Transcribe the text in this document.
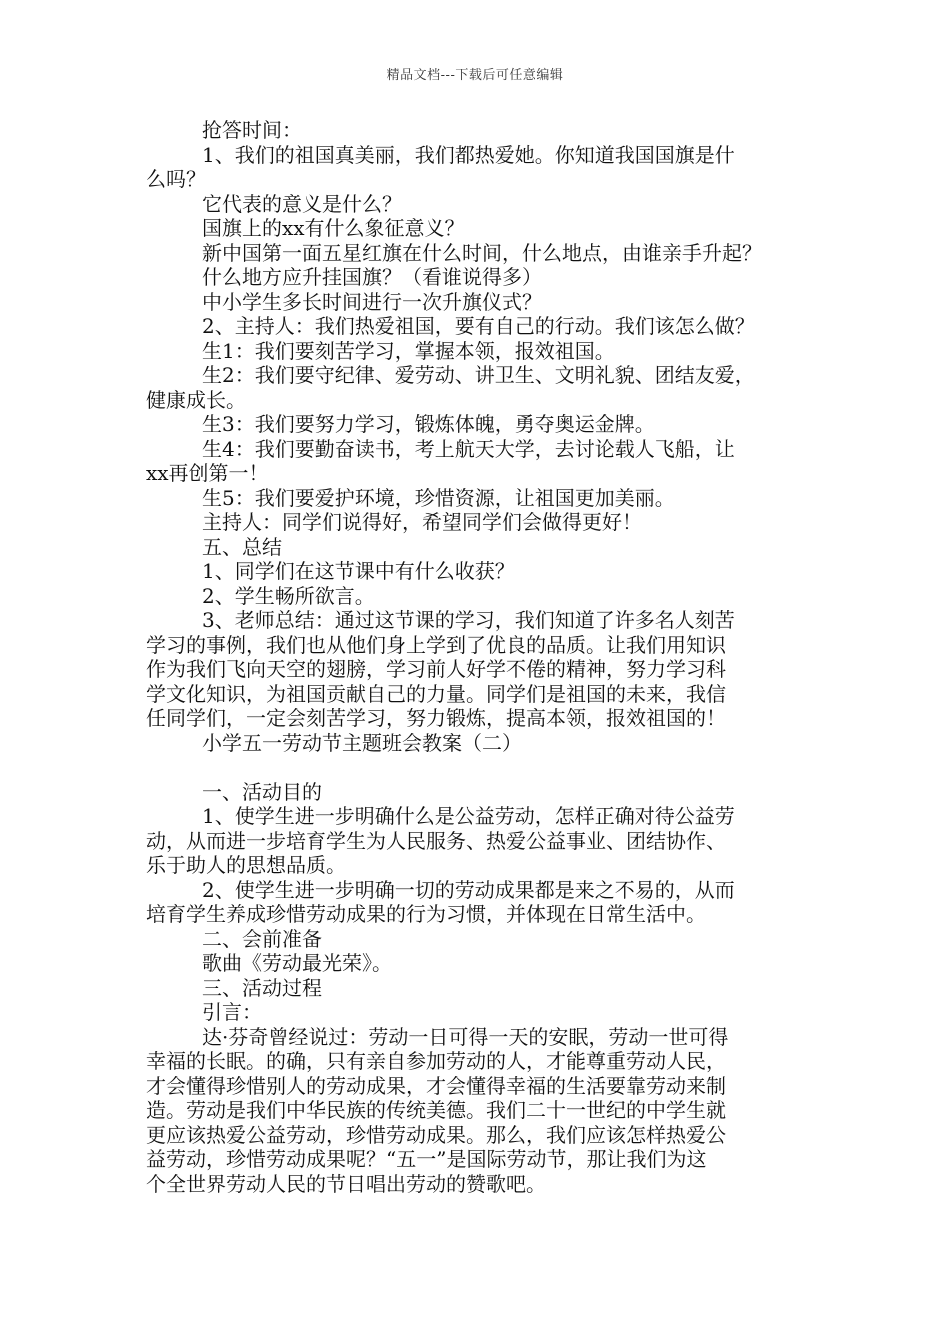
精品文档---下载后可任意编辑
抢答时间：
1、我们的祖国真美丽，我们都热爱她。你知道我国国旗是什
么吗？
它代表的意义是什么？
国旗上的xx有什么象征意义？
新中国第一面五星红旗在什么时间，什么地点，由谁亲手升起？
什么地方应升挂国旗？（看谁说得多）
中小学生多长时间进行一次升旗仪式？
2、主持人：我们热爱祖国，要有自己的行动。我们该怎么做？
生1：我们要刻苦学习，掌握本领，报效祖国。
生2：我们要守纪律、爱劳动、讲卫生、文明礼貌、团结友爱，
健康成长。
生3：我们要努力学习，锻炼体魄，勇夺奥运金牌。
生4：我们要勤奋读书，考上航天大学，去讨论载人飞船，让
xx再创第一！
生5：我们要爱护环境，珍惜资源，让祖国更加美丽。
主持人：同学们说得好，希望同学们会做得更好！
五、总结
1、同学们在这节课中有什么收获？
2、学生畅所欲言。
3、老师总结：通过这节课的学习，我们知道了许多名人刻苦
学习的事例，我们也从他们身上学到了优良的品质。让我们用知识
作为我们飞向天空的翅膀，学习前人好学不倦的精神，努力学习科
学文化知识，为祖国贡献自己的力量。同学们是祖国的未来，我信
任同学们，一定会刻苦学习，努力锻炼，提高本领，报效祖国的！
小学五一劳动节主题班会教案（二）
一、活动目的
1、使学生进一步明确什么是公益劳动，怎样正确对待公益劳
动，从而进一步培育学生为人民服务、热爱公益事业、团结协作、
乐于助人的思想品质。
2、使学生进一步明确一切的劳动成果都是来之不易的，从而
培育学生养成珍惜劳动成果的行为习惯，并体现在日常生活中。
二、会前准备
歌曲《劳动最光荣》。
三、活动过程
引言：
达·芬奇曾经说过：劳动一日可得一天的安眠，劳动一世可得
幸福的长眠。的确，只有亲自参加劳动的人，才能尊重劳动人民，
才会懂得珍惜别人的劳动成果，才会懂得幸福的生活要靠劳动来制
造。劳动是我们中华民族的传统美德。我们二十一世纪的中学生就
更应该热爱公益劳动，珍惜劳动成果。那么，我们应该怎样热爱公
益劳动，珍惜劳动成果呢？“五一”是国际劳动节，那让我们为这
个全世界劳动人民的节日唱出劳动的赞歌吧。
